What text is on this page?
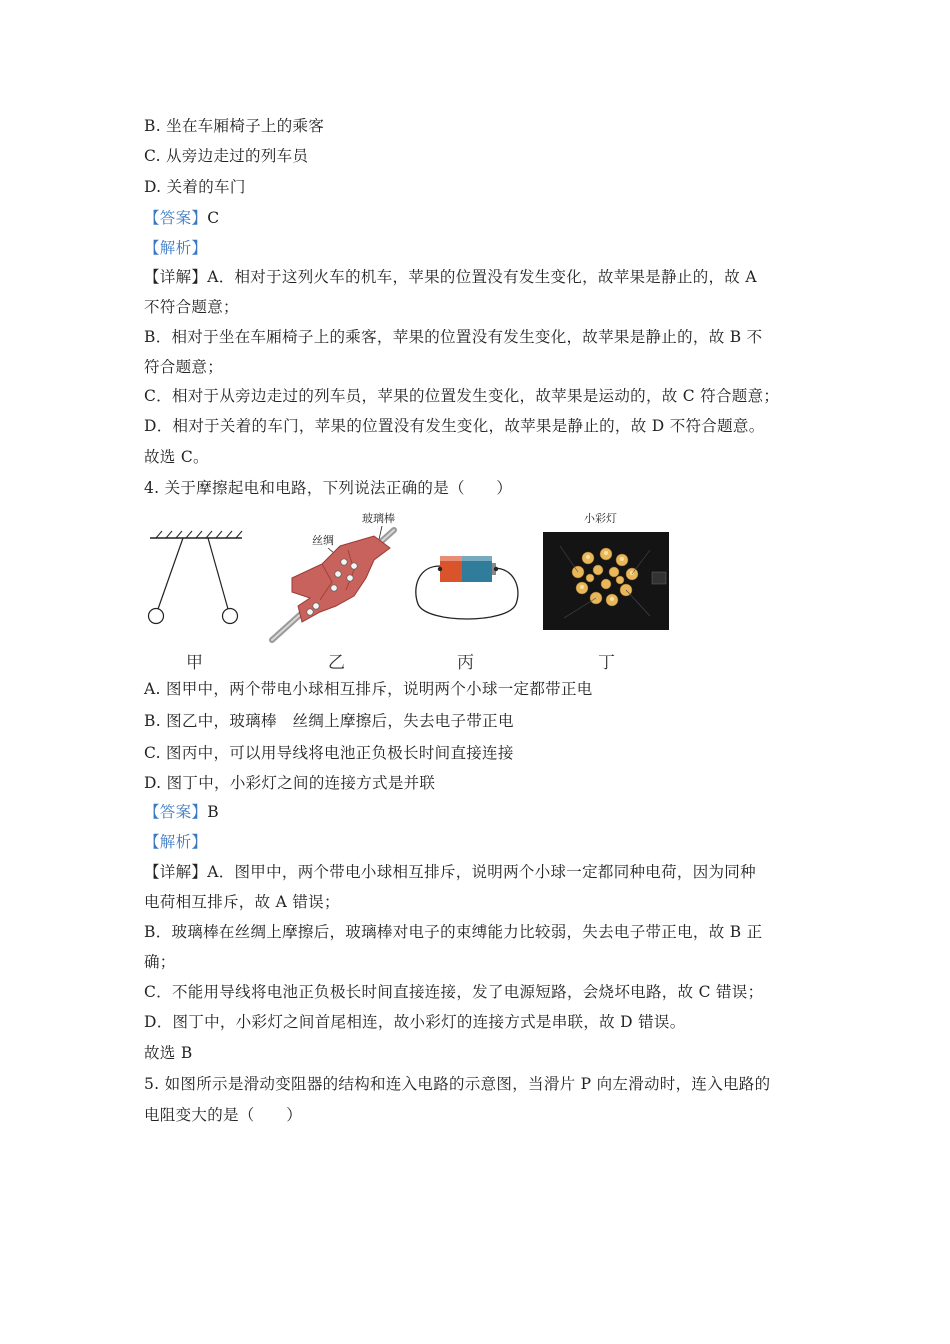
B. 坐在车厢椅子上的乘客
C. 从旁边走过的列车员
D. 关着的车门
【答案】C
【解析】
【详解】A．相对于这列火车的机车，苹果的位置没有发生变化，故苹果是静止的，故 A
不符合题意；
B．相对于坐在车厢椅子上的乘客，苹果的位置没有发生变化，故苹果是静止的，故 B 不
符合题意；
C．相对于从旁边走过的列车员，苹果的位置发生变化，故苹果是运动的，故 C 符合题意；
D．相对于关着的车门，苹果的位置没有发生变化，故苹果是静止的，故 D 不符合题意。
故选 C。
4. 关于摩擦起电和电路，下列说法正确的是（　　）
玻璃棒
丝绸
小彩灯
甲	乙	丙	丁
A. 图甲中，两个带电小球相互排斥，说明两个小球一定都带正电
B. 图乙中，玻璃棒　丝绸上摩擦后，失去电子带正电
C. 图丙中，可以用导线将电池正负极长时间直接连接
D. 图丁中，小彩灯之间的连接方式是并联
【答案】B
【解析】
【详解】A．图甲中，两个带电小球相互排斥，说明两个小球一定都同种电荷，因为同种
电荷相互排斥，故 A 错误；
B．玻璃棒在丝绸上摩擦后，玻璃棒对电子的束缚能力比较弱，失去电子带正电，故 B 正
确；
C．不能用导线将电池正负极长时间直接连接，发了电源短路，会烧坏电路，故 C 错误；
D．图丁中，小彩灯之间首尾相连，故小彩灯的连接方式是串联，故 D 错误。
故选 B
5. 如图所示是滑动变阻器的结构和连入电路的示意图，当滑片 P 向左滑动时，连入电路的
电阻变大的是（　　）
